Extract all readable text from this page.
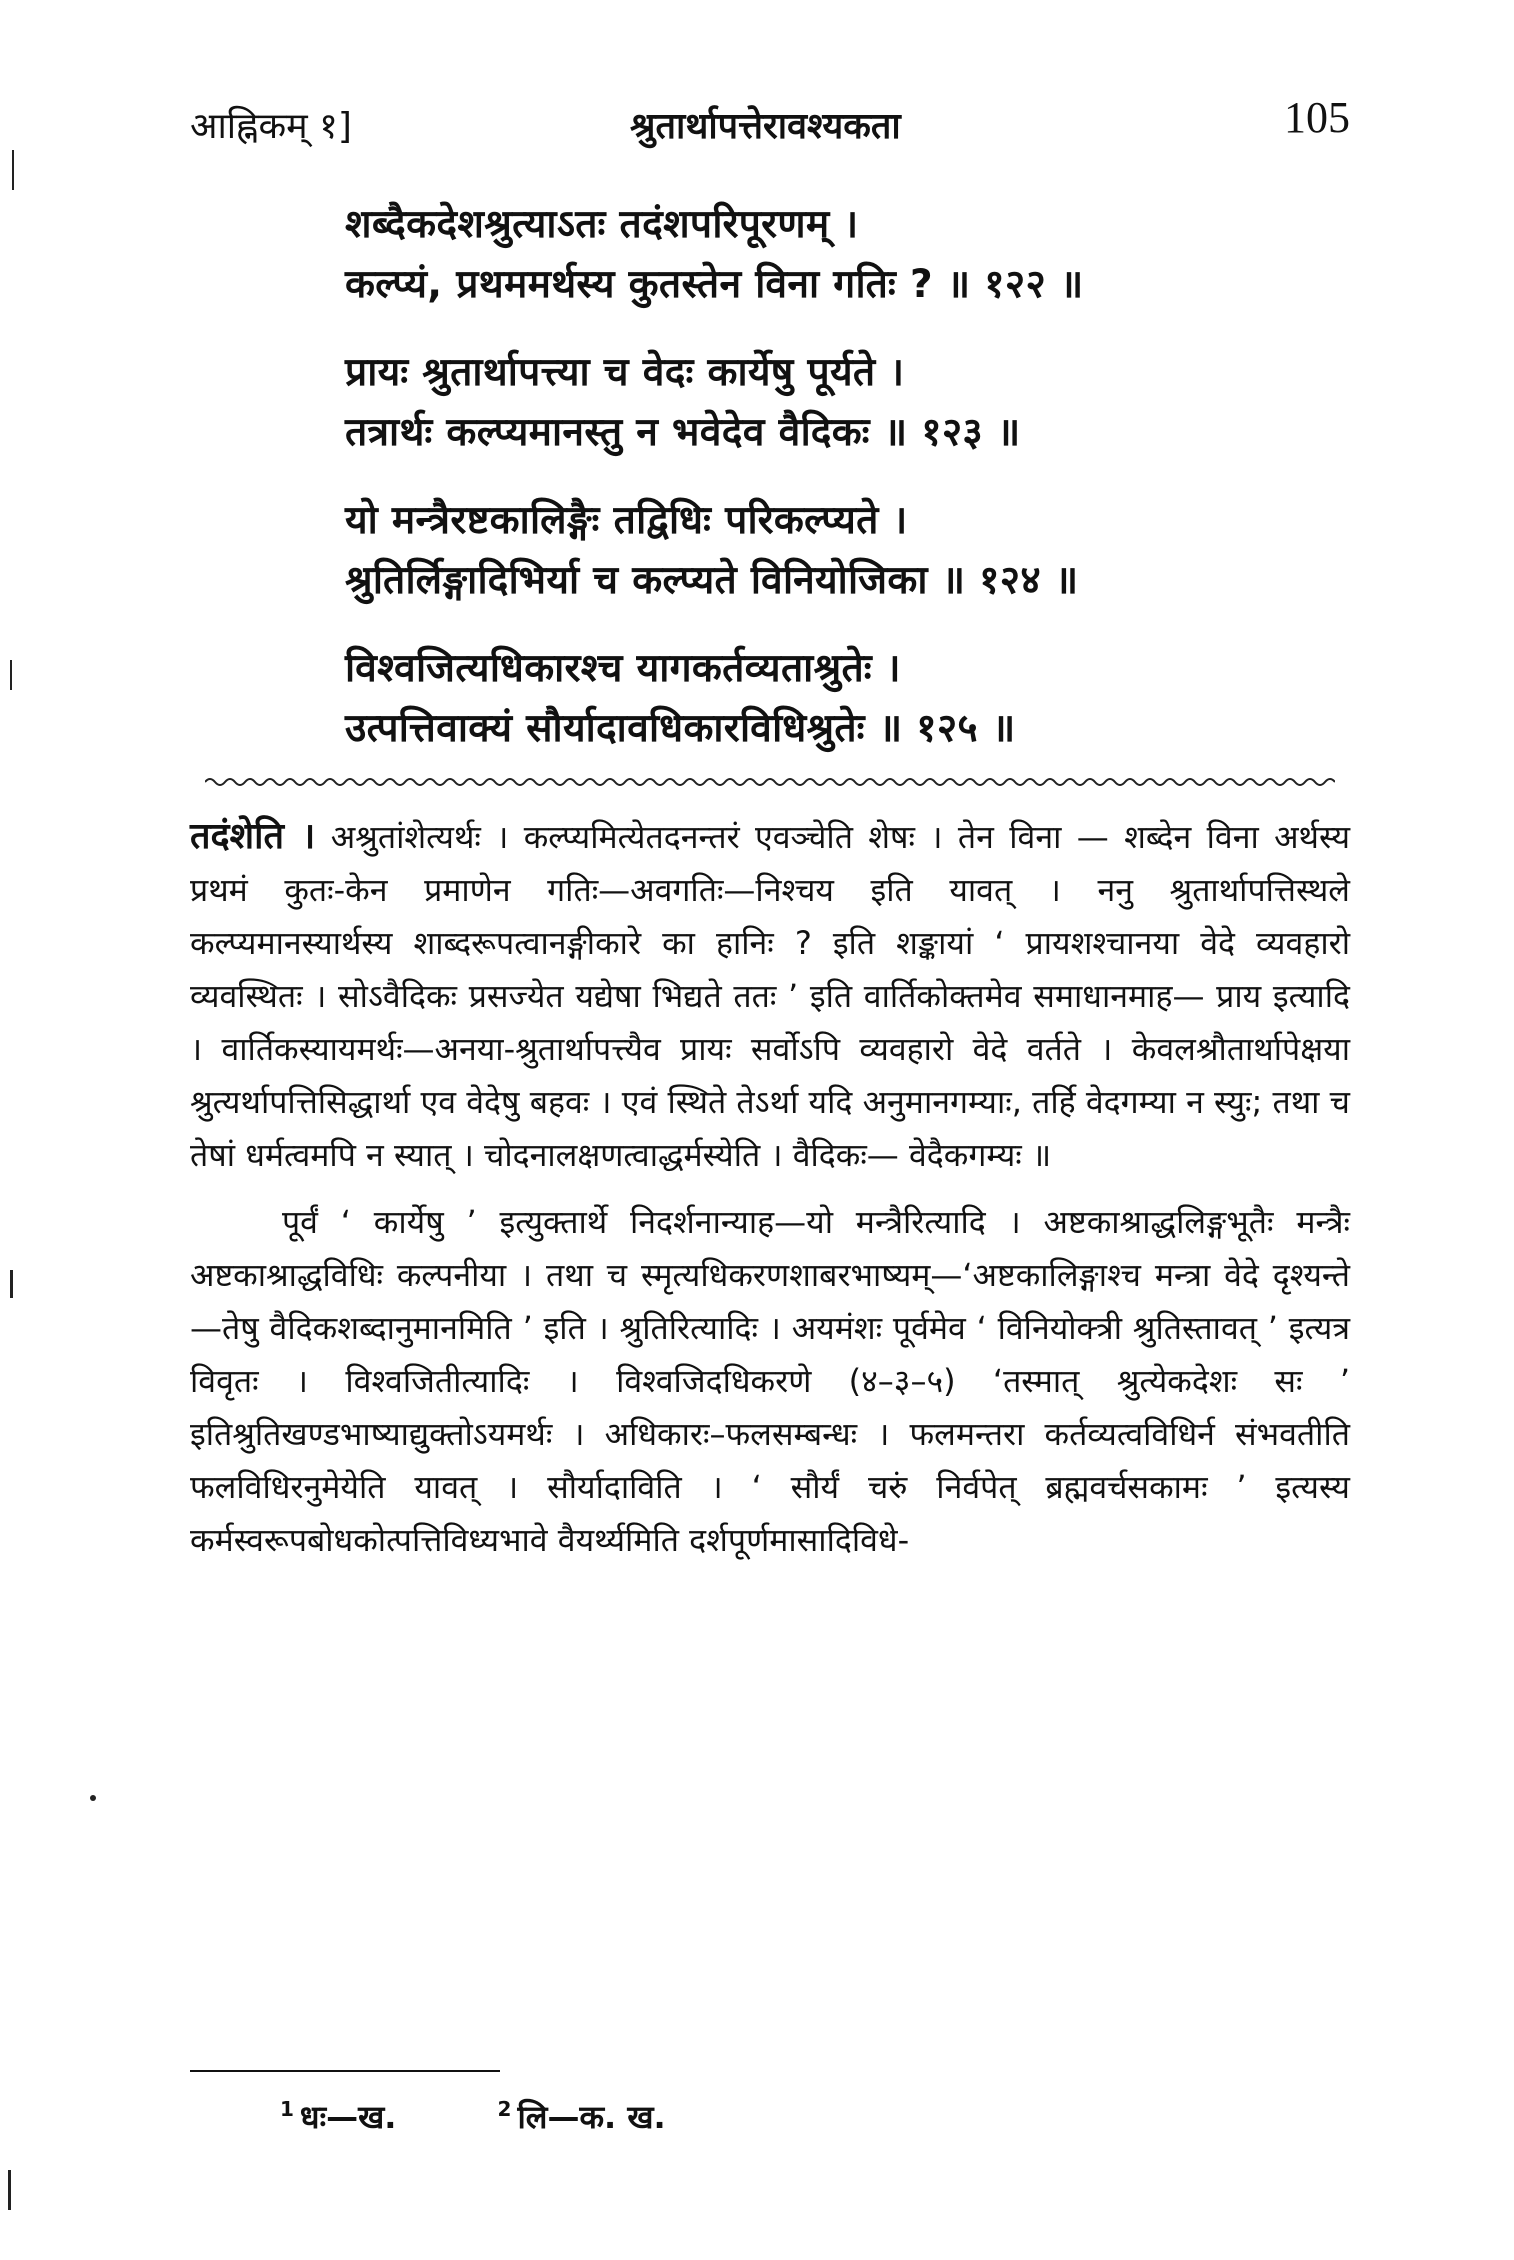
आह्निकम् १]	श्रुतार्थापत्तेरावश्यकता	105
शब्दैकदेशश्रुत्याऽतः तदंशपरिपूरणम् ।
कल्प्यं, प्रथममर्थस्य कुतस्तेन विना गतिः ? ॥ १२२ ॥
प्रायः श्रुतार्थापत्त्या च वेदः कार्येषु पूर्यते ।
तत्रार्थः कल्प्यमानस्तु न भवेदेव वैदिकः ॥ १२३ ॥
यो मन्त्रैरष्टकालिङ्गैः तद्विधिः परिकल्प्यते ।
श्रुतिर्लिङ्गादिभिर्या च कल्प्यते विनियोजिका ॥ १२४ ॥
विश्वजित्यधिकारश्च यागकर्तव्यताश्रुतेः ।
उत्पत्तिवाक्यं सौर्यादावधिकारविधिश्रुतेः ॥ १२५ ॥

तदंशेति । अश्रुतांशेत्यर्थः । कल्प्यमित्येतदनन्तरं एवञ्चेति शेषः । तेन विना — शब्देन विना अर्थस्य प्रथमं कुतः-केन प्रमाणेन गतिः—अवगतिः—निश्चय इति यावत् । ननु श्रुतार्थापत्तिस्थले कल्प्यमानस्यार्थस्य शाब्दरूपत्वानङ्गीकारे का हानिः ? इति शङ्कायां ‘ प्रायशश्चानया वेदे व्यवहारो व्यवस्थितः । सोऽवैदिकः प्रसज्येत यद्येषा भिद्यते ततः ’ इति वार्तिकोक्तमेव समाधानमाह— प्राय इत्यादि । वार्तिकस्यायमर्थः—अनया-श्रुतार्थापत्त्यैव प्रायः सर्वोऽपि व्यवहारो वेदे वर्तते । केवलश्रौतार्थापेक्षया श्रुत्यर्थापत्तिसिद्धार्था एव वेदेषु बहवः । एवं स्थिते तेऽर्था यदि अनुमानगम्याः, तर्हि वेदगम्या न स्युः; तथा च तेषां धर्मत्वमपि न स्यात् । चोदनालक्षणत्वाद्धर्मस्येति । वैदिकः— वेदैकगम्यः ॥

पूर्वं ‘ कार्येषु ’ इत्युक्तार्थे निदर्शनान्याह—यो मन्त्रैरित्यादि । अष्टकाश्राद्धलिङ्गभूतैः मन्त्रैः अष्टकाश्राद्धविधिः कल्पनीया । तथा च स्मृत्यधिकरणशाबरभाष्यम्—‘अष्टकालिङ्गाश्च मन्त्रा वेदे दृश्यन्ते—तेषु वैदिकशब्दानुमानमिति ’ इति । श्रुतिरित्यादिः । अयमंशः पूर्वमेव ‘ विनियोक्त्री श्रुतिस्तावत् ’ इत्यत्र विवृतः । विश्वजितीत्यादिः । विश्वजिदधिकरणे (४–३–५) ‘तस्मात् श्रुत्येकदेशः सः ’ इतिश्रुतिखण्डभाष्याद्युक्तोऽयमर्थः । अधिकारः–फलसम्बन्धः । फलमन्तरा कर्तव्यत्वविधिर्न संभवतीति फलविधिरनुमेयेति यावत् । सौर्यादाविति । ‘ सौर्यं चरुं निर्वपेत् ब्रह्मवर्चसकामः ’ इत्यस्य कर्मस्वरूपबोधकोत्पत्तिविध्यभावे वैयर्थ्यमिति दर्शपूर्णमासादिविधे-

$^1$ धः—ख.	$^2$ लि—क. ख.
